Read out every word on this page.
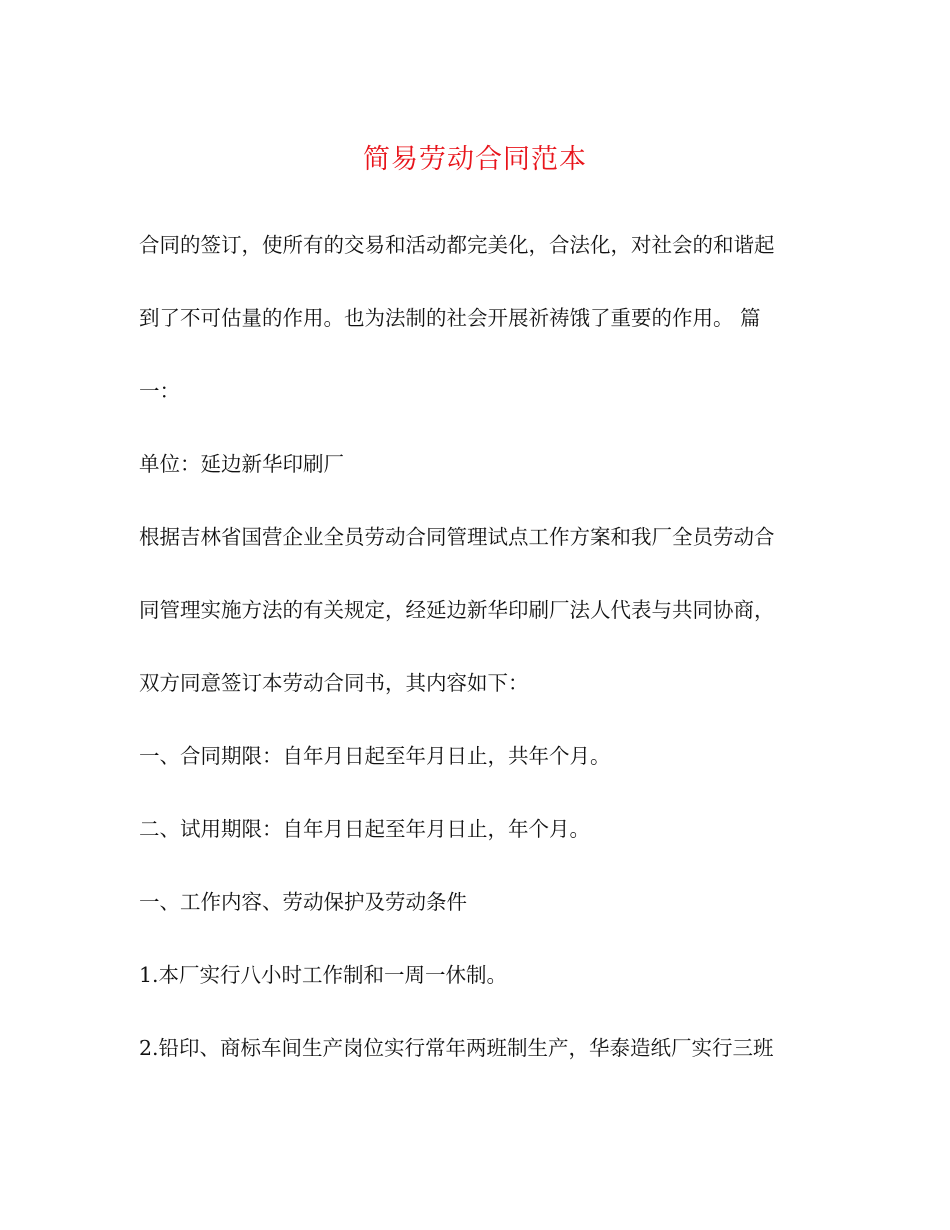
简易劳动合同范本
合同的签订，使所有的交易和活动都完美化，合法化，对社会的和谐起
到了不可估量的作用。也为法制的社会开展祈祷饿了重要的作用。 篇
一：
单位：延边新华印刷厂
根据吉林省国营企业全员劳动合同管理试点工作方案和我厂全员劳动合
同管理实施方法的有关规定，经延边新华印刷厂法人代表与共同协商，
双方同意签订本劳动合同书，其内容如下：
一、合同期限：自年月日起至年月日止，共年个月。
二、试用期限：自年月日起至年月日止，年个月。
一、工作内容、劳动保护及劳动条件
1.本厂实行八小时工作制和一周一休制。
2.铅印、商标车间生产岗位实行常年两班制生产，华泰造纸厂实行三班
